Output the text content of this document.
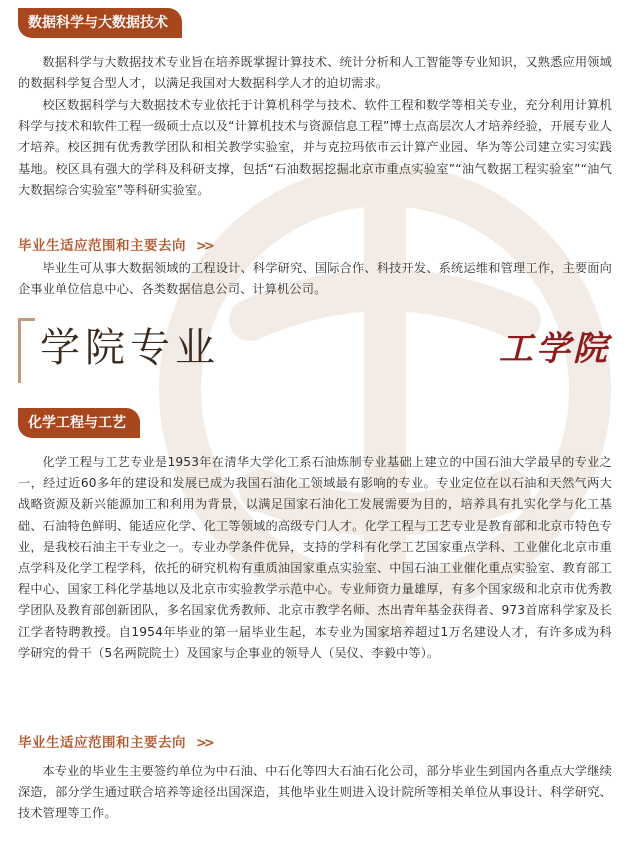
数据科学与大数据技术

数据科学与大数据技术专业旨在培养既掌握计算技术、统计分析和人工智能等专业知识，又熟悉应用领域的数据科学复合型人才，以满足我国对大数据科学人才的迫切需求。

校区数据科学与大数据技术专业依托于计算机科学与技术、软件工程和数学等相关专业，充分利用计算机科学与技术和软件工程一级硕士点以及“计算机技术与资源信息工程”博士点高层次人才培养经验，开展专业人才培养。校区拥有优秀教学团队和相关教学实验室，并与克拉玛依市云计算产业园、华为等公司建立实习实践基地。校区具有强大的学科及科研支撑，包括“石油数据挖掘北京市重点实验室”“油气数据工程实验室”“油气大数据综合实验室”等科研实验室。

毕业生适应范围和主要去向 >>

毕业生可从事大数据领域的工程设计、科学研究、国际合作、科技开发、系统运维和管理工作，主要面向企事业单位信息中心、各类数据信息公司、计算机公司。

学院专业	工学院
化学工程与工艺

化学工程与工艺专业是1953年在清华大学化工系石油炼制专业基础上建立的中国石油大学最早的专业之一，经过近60多年的建设和发展已成为我国石油化工领域最有影响的专业。专业定位在以石油和天然气两大战略资源及新兴能源加工和利用为背景，以满足国家石油化工发展需要为目的，培养具有扎实化学与化工基础、石油特色鲜明、能适应化学、化工等领域的高级专门人才。化学工程与工艺专业是教育部和北京市特色专业，是我校石油主干专业之一。专业办学条件优异，支持的学科有化学工艺国家重点学科、工业催化北京市重点学科及化学工程学科，依托的研究机构有重质油国家重点实验室、中国石油工业催化重点实验室、教育部工程中心、国家工科化学基地以及北京市实验教学示范中心。专业师资力量雄厚，有多个国家级和北京市优秀教学团队及教育部创新团队，多名国家优秀教师、北京市教学名师、杰出青年基金获得者、973首席科学家及长江学者特聘教授。自1954年毕业的第一届毕业生起，本专业为国家培养超过1万名建设人才，有许多成为科学研究的骨干（5名两院院士）及国家与企事业的领导人（吴仪、李毅中等）。

毕业生适应范围和主要去向 >>

本专业的毕业生主要签约单位为中石油、中石化等四大石油石化公司，部分毕业生到国内各重点大学继续深造，部分学生通过联合培养等途径出国深造，其他毕业生则进入设计院所等相关单位从事设计、科学研究、技术管理等工作。
